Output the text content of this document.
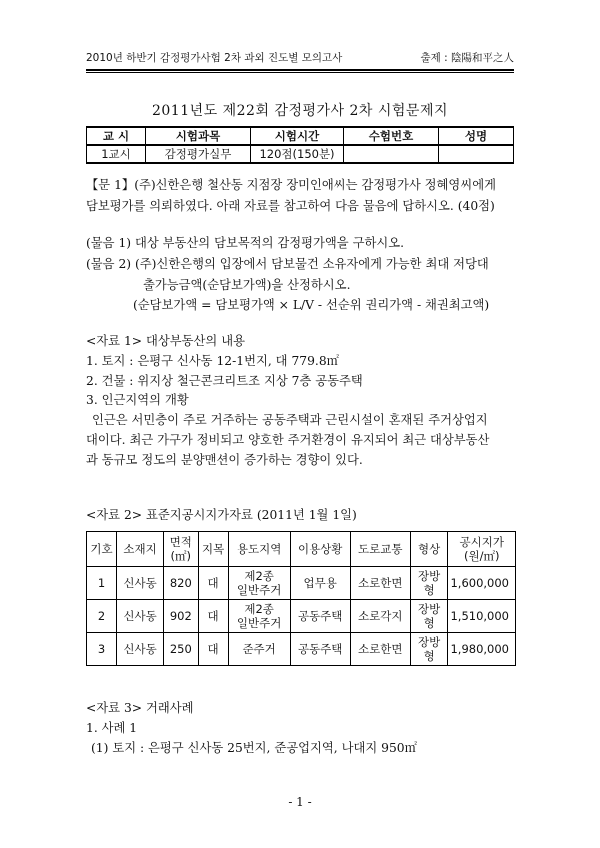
2010년 하반기 감정평가사험 2차 과외 진도별 모의고사	출제 : 陰陽和平之人
2011년도 제22회 감정평가사 2차 시험문제지
교 시	시험과목	시험시간	수험번호	성명
1교시	감정평가실무	120점(150분)		
【문 1】(주)신한은행 철산동 지점장 장미인애씨는 감정평가사 정혜영씨에게
담보평가를 의뢰하였다. 아래 자료를 참고하여 다음 물음에 답하시오. (40점)
(물음 1) 대상 부동산의 담보목적의 감정평가액을 구하시오.
(물음 2) (주)신한은행의 입장에서 담보물건 소유자에게 가능한 최대 저당대
출가능금액(순담보가액)을 산정하시오.
(순담보가액 = 담보평가액 × L/V - 선순위 권리가액 - 채권최고액)
<자료 1> 대상부동산의 내용
1. 토지 : 은평구 신사동 12-1번지, 대 779.8㎡
2. 건물 : 위지상 철근콘크리트조 지상 7층 공동주택
3. 인근지역의 개황
인근은 서민층이 주로 거주하는 공동주택과 근린시설이 혼재된 주거상업지
대이다. 최근 가구가 정비되고 양호한 주거환경이 유지되어 최근 대상부동산
과 동규모 정도의 분양맨션이 증가하는 경향이 있다.
<자료 2> 표준지공시지가자료 (2011년 1월 1일)
기호	소재지	면적
(㎡)	지목	용도지역	이용상황	도로교통	형상	공시지가
(원/㎡)
1	신사동	820	대	제2종
일반주거	업무용	소로한면	장방형	1,600,000
2	신사동	902	대	제2종
일반주거	공동주택	소로각지	장방형	1,510,000
3	신사동	250	대	준주거	공동주택	소로한면	장방형	1,980,000
<자료 3> 거래사례
1. 사례 1
(1) 토지 : 은평구 신사동 25번지, 준공업지역, 나대지 950㎡
- 1 -
